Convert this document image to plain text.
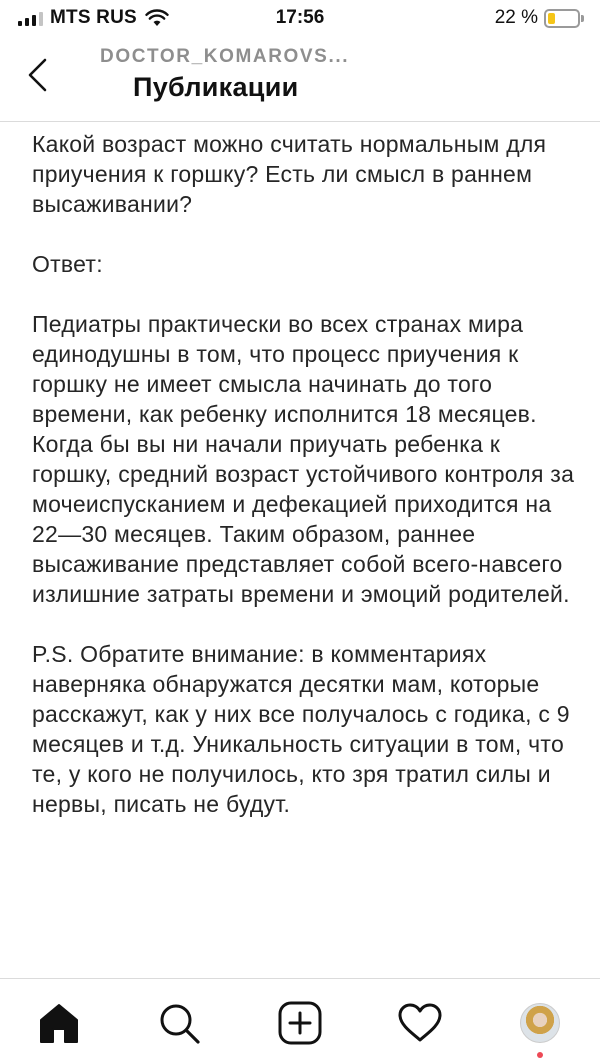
MTS RUS	17:56	22 %
DOCTOR_KOMAROVS...
Публикации

Какой возраст можно считать нормальным для приучения к горшку? Есть ли смысл в раннем высаживании?

Ответ:

Педиатры практически во всех странах мира единодушны в том, что процесс приучения к горшку не имеет смысла начинать до того времени, как ребенку исполнится 18 месяцев. Когда бы вы ни начали приучать ребенка к горшку, средний возраст устойчивого контроля за мочеиспусканием и дефекацией приходится на 22—30 месяцев. Таким образом, раннее высаживание представляет собой всего-навсего излишние затраты времени и эмоций родителей.

P.S. Обратите внимание: в комментариях наверняка обнаружатся десятки мам, которые расскажут, как у них все получалось с годика, с 9 месяцев и т.д. Уникальность ситуации в том, что те, у кого не получилось, кто зря тратил силы и нервы, писать не будут.
